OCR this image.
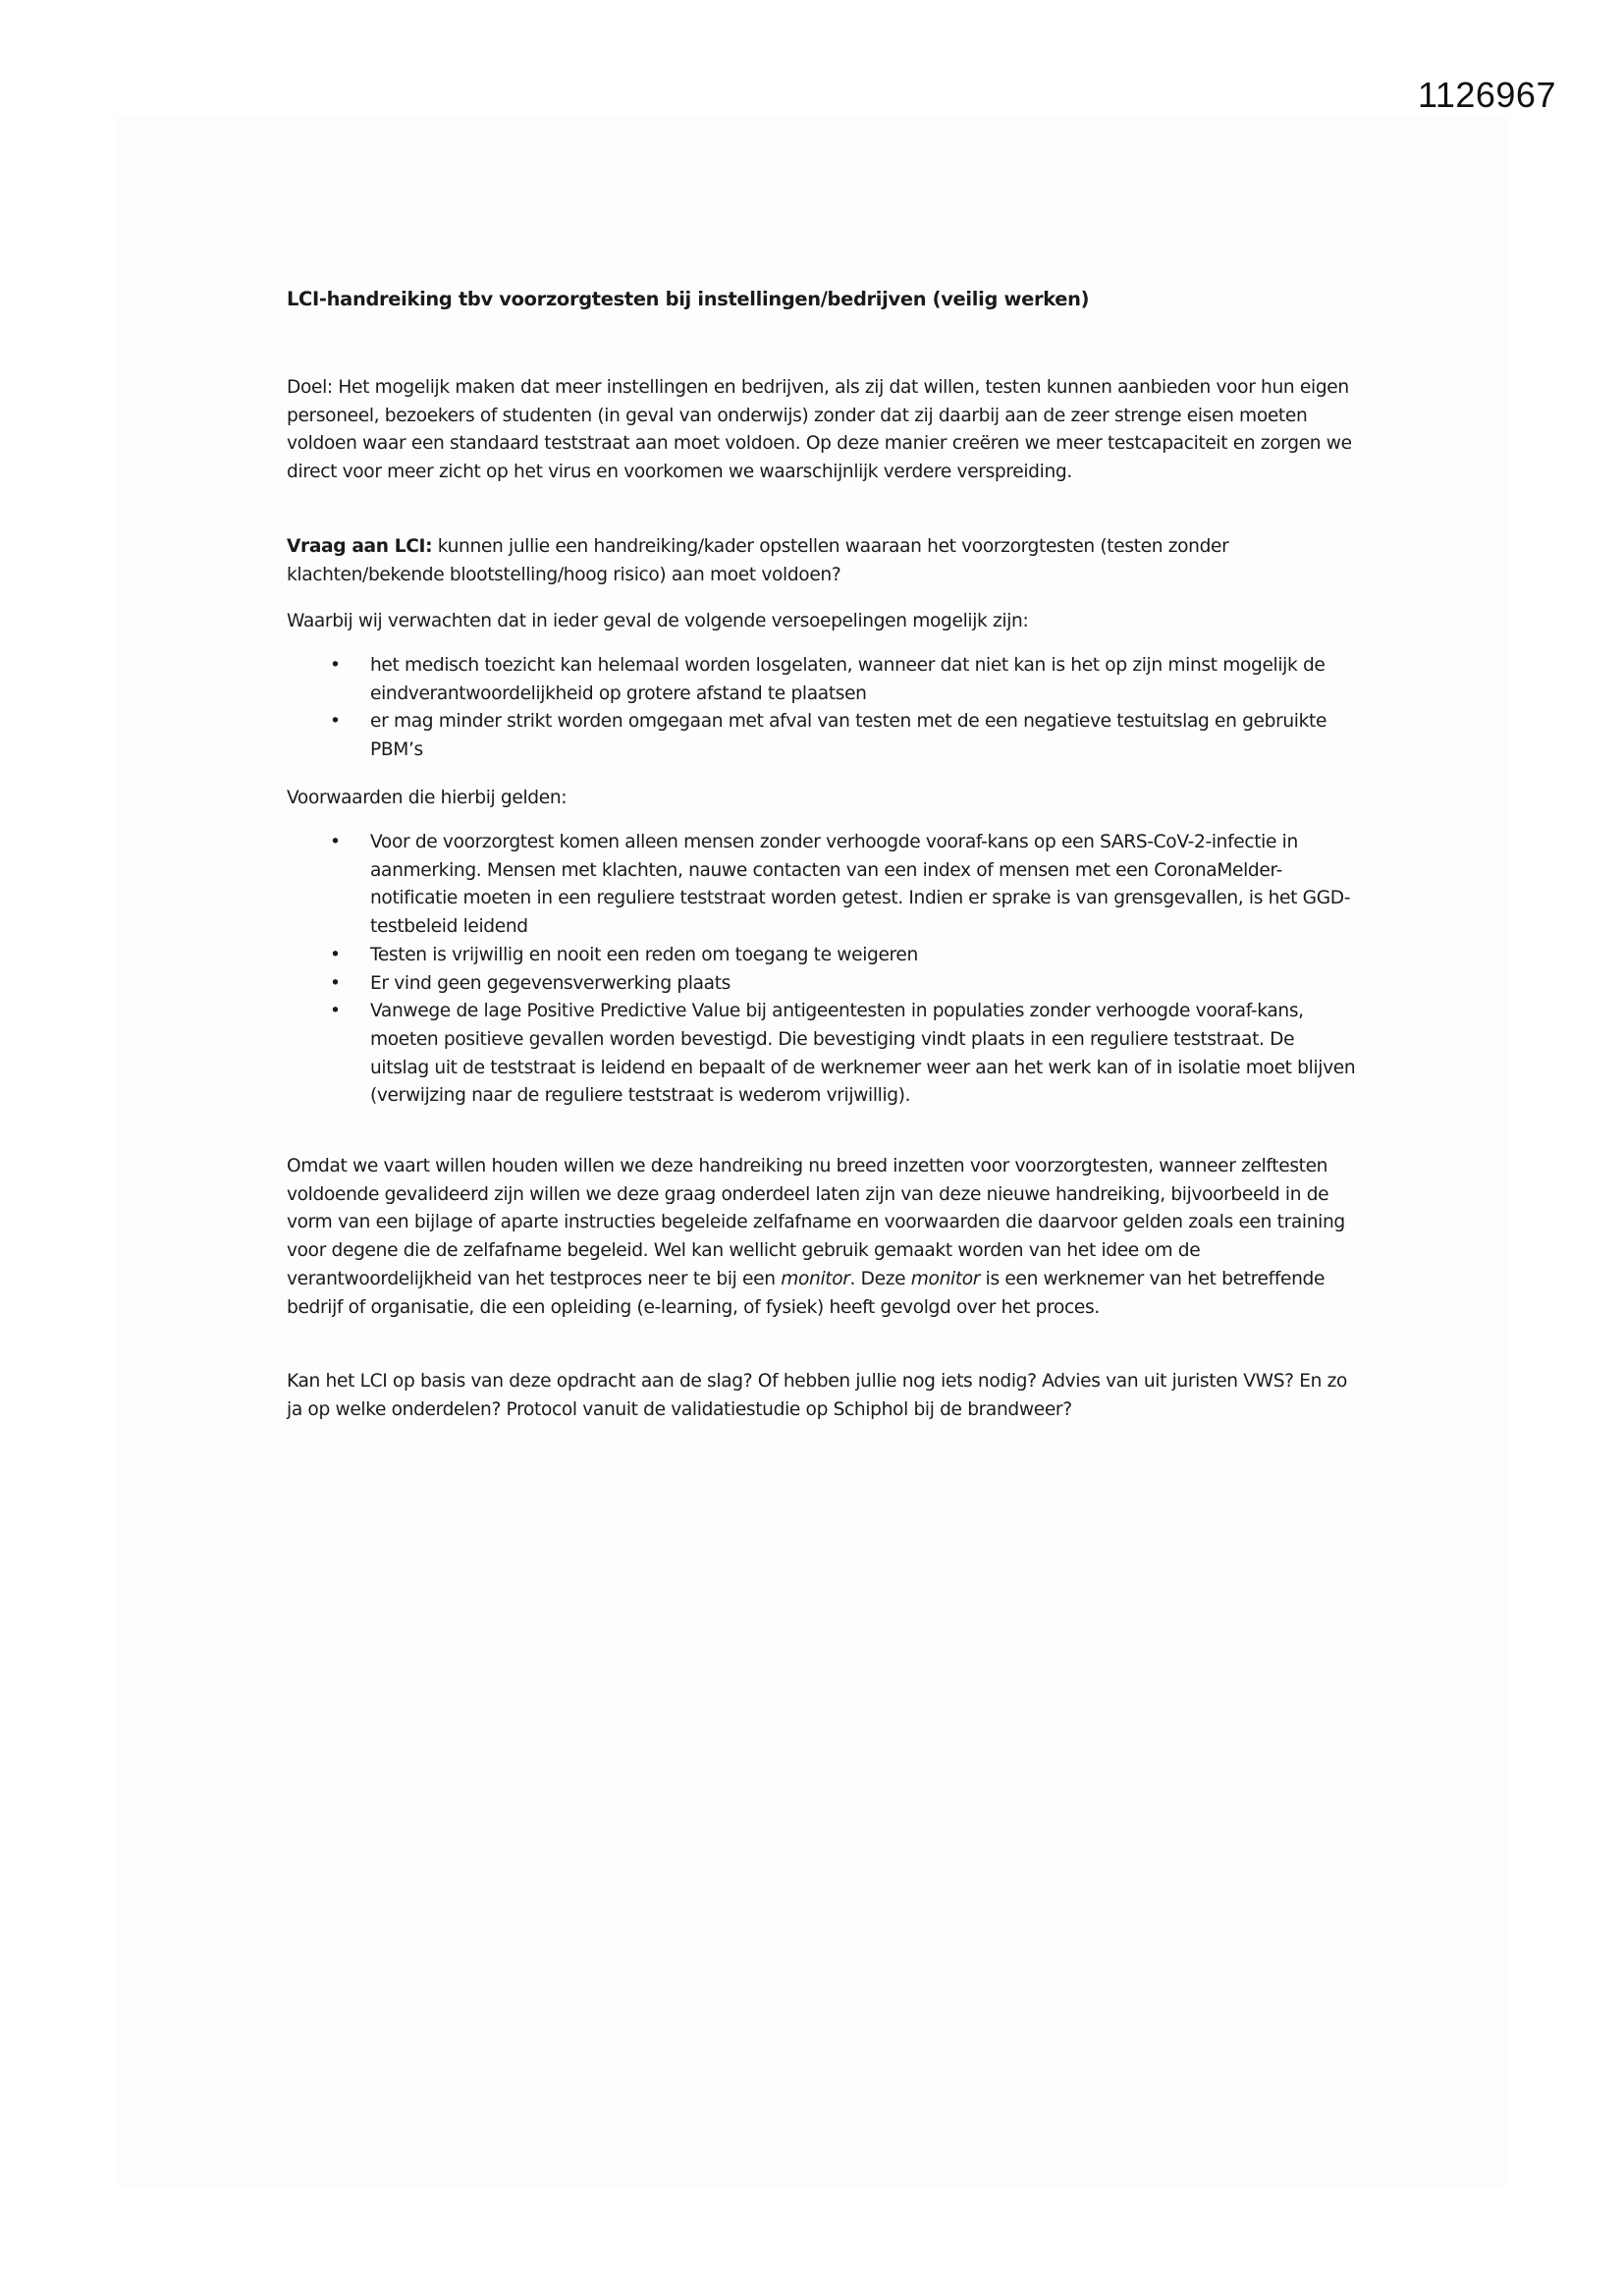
1126967
LCI-handreiking tbv voorzorgtesten bij instellingen/bedrijven (veilig werken)

Doel: Het mogelijk maken dat meer instellingen en bedrijven, als zij dat willen, testen kunnen aanbieden voor hun eigen personeel, bezoekers of studenten (in geval van onderwijs) zonder dat zij daarbij aan de zeer strenge eisen moeten voldoen waar een standaard teststraat aan moet voldoen. Op deze manier creëren we meer testcapaciteit en zorgen we direct voor meer zicht op het virus en voorkomen we waarschijnlijk verdere verspreiding.

Vraag aan LCI: kunnen jullie een handreiking/kader opstellen waaraan het voorzorgtesten (testen zonder klachten/bekende blootstelling/hoog risico) aan moet voldoen?

Waarbij wij verwachten dat in ieder geval de volgende versoepelingen mogelijk zijn:

• het medisch toezicht kan helemaal worden losgelaten, wanneer dat niet kan is het op zijn minst mogelijk de eindverantwoordelijkheid op grotere afstand te plaatsen
• er mag minder strikt worden omgegaan met afval van testen met de een negatieve testuitslag en gebruikte PBM’s

Voorwaarden die hierbij gelden:

• Voor de voorzorgtest komen alleen mensen zonder verhoogde vooraf-kans op een SARS-CoV-2-infectie in aanmerking. Mensen met klachten, nauwe contacten van een index of mensen met een CoronaMelder-notificatie moeten in een reguliere teststraat worden getest. Indien er sprake is van grensgevallen, is het GGD-testbeleid leidend
• Testen is vrijwillig en nooit een reden om toegang te weigeren
• Er vind geen gegevensverwerking plaats
• Vanwege de lage Positive Predictive Value bij antigeentesten in populaties zonder verhoogde vooraf-kans, moeten positieve gevallen worden bevestigd. Die bevestiging vindt plaats in een reguliere teststraat. De uitslag uit de teststraat is leidend en bepaalt of de werknemer weer aan het werk kan of in isolatie moet blijven (verwijzing naar de reguliere teststraat is wederom vrijwillig).

Omdat we vaart willen houden willen we deze handreiking nu breed inzetten voor voorzorgtesten, wanneer zelftesten voldoende gevalideerd zijn willen we deze graag onderdeel laten zijn van deze nieuwe handreiking, bijvoorbeeld in de vorm van een bijlage of aparte instructies begeleide zelfafname en voorwaarden die daarvoor gelden zoals een training voor degene die de zelfafname begeleid. Wel kan wellicht gebruik gemaakt worden van het idee om de verantwoordelijkheid van het testproces neer te bij een monitor. Deze monitor is een werknemer van het betreffende bedrijf of organisatie, die een opleiding (e-learning, of fysiek) heeft gevolgd over het proces.

Kan het LCI op basis van deze opdracht aan de slag? Of hebben jullie nog iets nodig? Advies van uit juristen VWS? En zo ja op welke onderdelen? Protocol vanuit de validatiestudie op Schiphol bij de brandweer?
